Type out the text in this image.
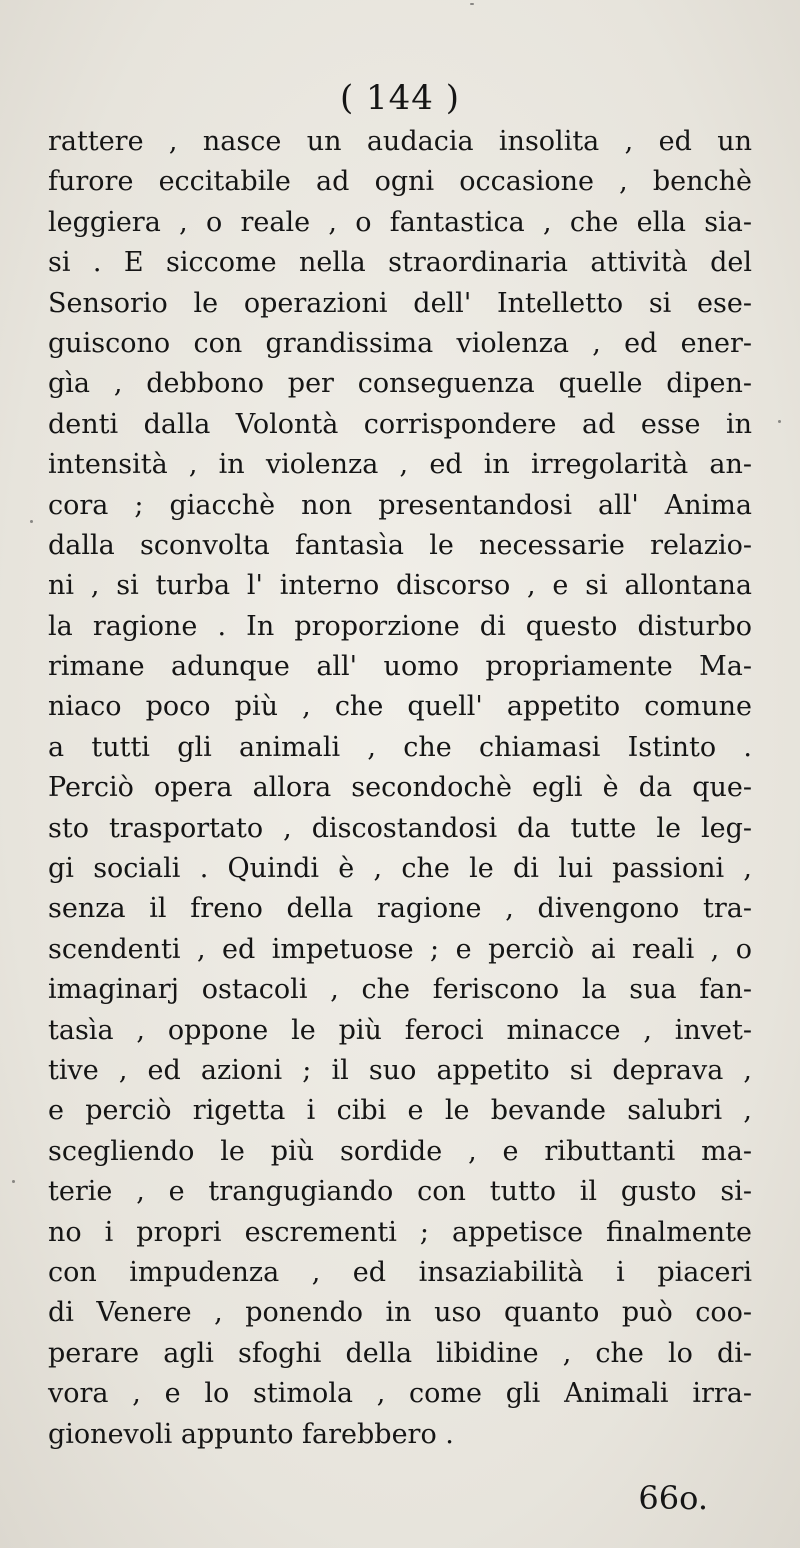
( 144 )
rattere , nasce un audacia insolita , ed un
furore eccitabile ad ogni occasione , benchè
leggiera , o reale , o fantastica , che ella sia-
si . E siccome nella straordinaria attività del
Sensorio le operazioni dell' Intelletto si ese-
guiscono con grandissima violenza , ed ener-
gìa , debbono per conseguenza quelle dipen-
denti dalla Volontà corrispondere ad esse in
intensità , in violenza , ed in irregolarità an-
cora ; giacchè non presentandosi all' Anima
dalla sconvolta fantasìa le necessarie relazio-
ni , si turba l' interno discorso , e si allontana
la ragione . In proporzione di questo disturbo
rimane adunque all' uomo propriamente Ma-
niaco poco più , che quell' appetito comune
a tutti gli animali , che chiamasi Istinto .
Perciò opera allora secondochè egli è da que-
sto trasportato , discostandosi da tutte le leg-
gi sociali . Quindi è , che le di lui passioni ,
senza il freno della ragione , divengono tra-
scendenti , ed impetuose ; e perciò ai reali , o
imaginarj ostacoli , che feriscono la sua fan-
tasìa , oppone le più feroci minacce , invet-
tive , ed azioni ; il suo appetito si deprava ,
e perciò rigetta i cibi e le bevande salubri ,
scegliendo le più sordide , e ributtanti ma-
terie , e trangugiando con tutto il gusto si-
no i propri escrementi ; appetisce finalmente
con impudenza , ed insaziabilità i piaceri
di Venere , ponendo in uso quanto può coo-
perare agli sfoghi della libidine , che lo di-
vora , e lo stimola , come gli Animali irra-
gionevoli appunto farebbero .
66o.
